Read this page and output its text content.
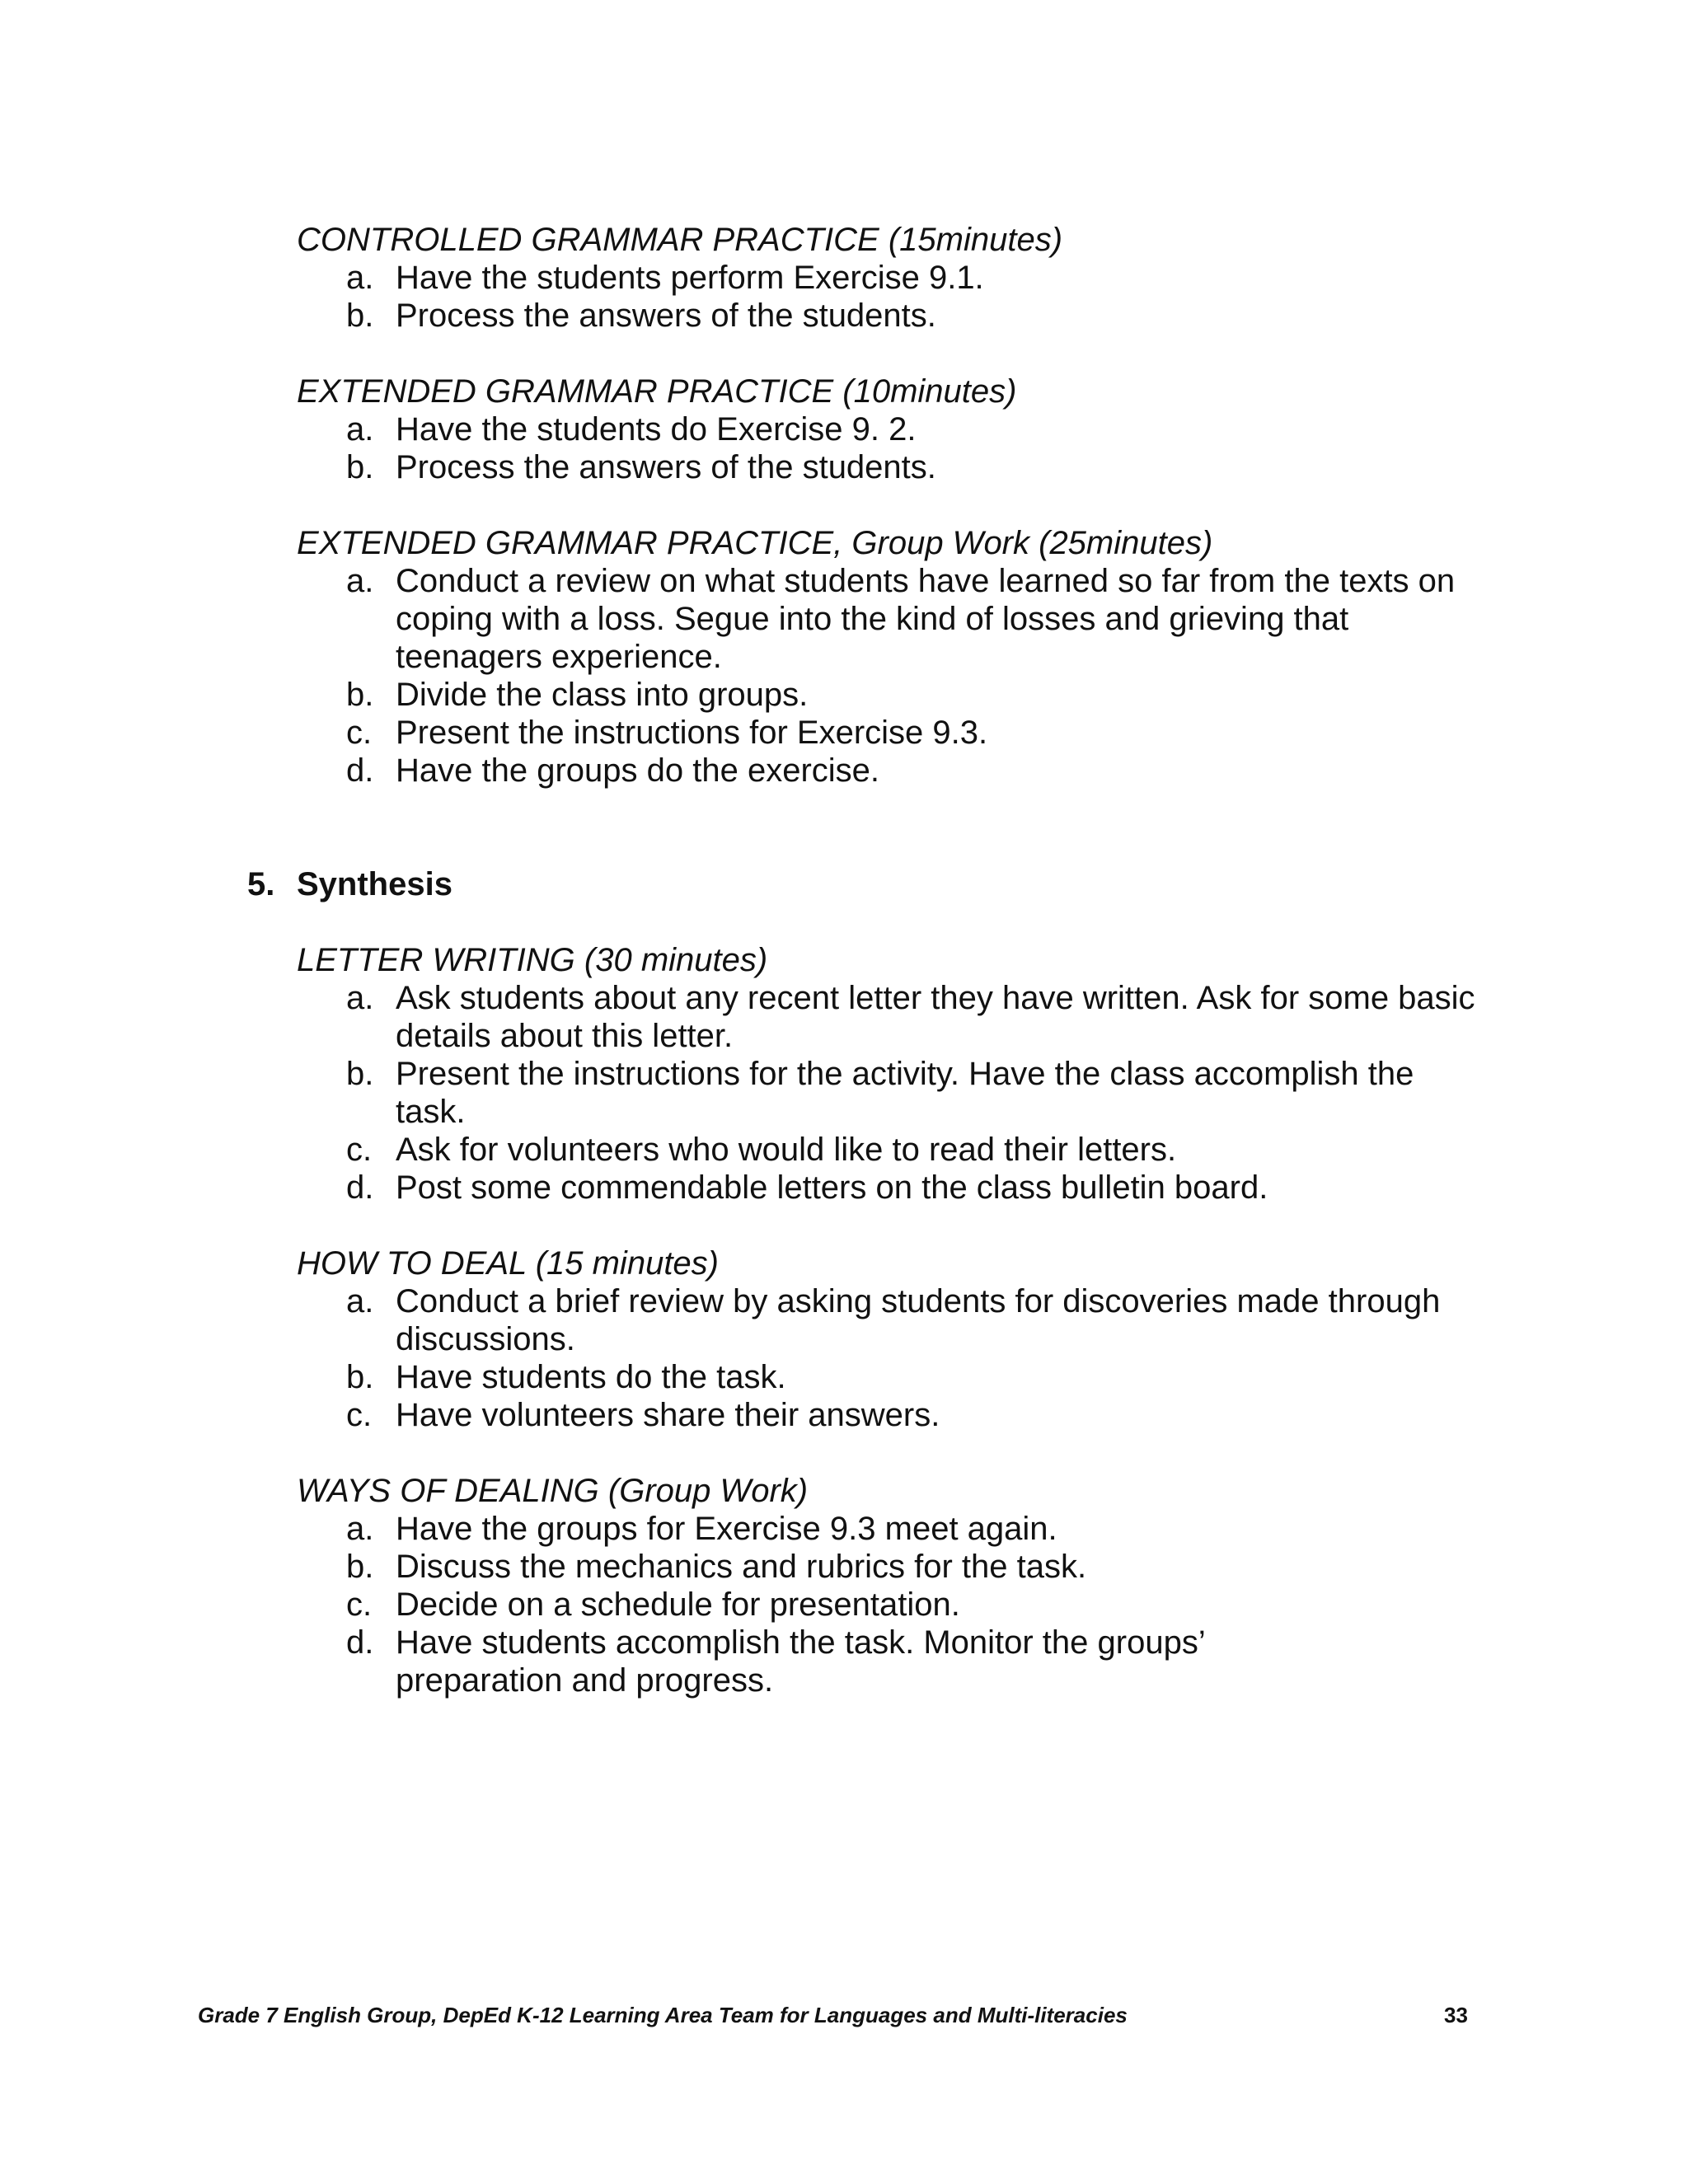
CONTROLLED GRAMMAR PRACTICE (15minutes)
a. Have the students perform Exercise 9.1.
b. Process the answers of the students.
EXTENDED GRAMMAR PRACTICE (10minutes)
a. Have the students do Exercise 9. 2.
b. Process the answers of the students.
EXTENDED GRAMMAR PRACTICE, Group Work (25minutes)
a. Conduct a review on what students have learned so far from the texts on coping with a loss. Segue into the kind of losses and grieving that teenagers experience.
b. Divide the class into groups.
c. Present the instructions for Exercise 9.3.
d. Have the groups do the exercise.
5. Synthesis
LETTER WRITING (30 minutes)
a. Ask students about any recent letter they have written. Ask for some basic details about this letter.
b. Present the instructions for the activity. Have the class accomplish the task.
c. Ask for volunteers who would like to read their letters.
d. Post some commendable letters on the class bulletin board.
HOW TO DEAL (15 minutes)
a. Conduct a brief review by asking students for discoveries made through discussions.
b. Have students do the task.
c. Have volunteers share their answers.
WAYS OF DEALING (Group Work)
a. Have the groups for Exercise 9.3 meet again.
b. Discuss the mechanics and rubrics for the task.
c. Decide on a schedule for presentation.
d. Have students accomplish the task. Monitor the groups’ preparation and progress.
Grade 7 English Group, DepEd K-12 Learning Area Team for Languages and Multi-literacies	33
